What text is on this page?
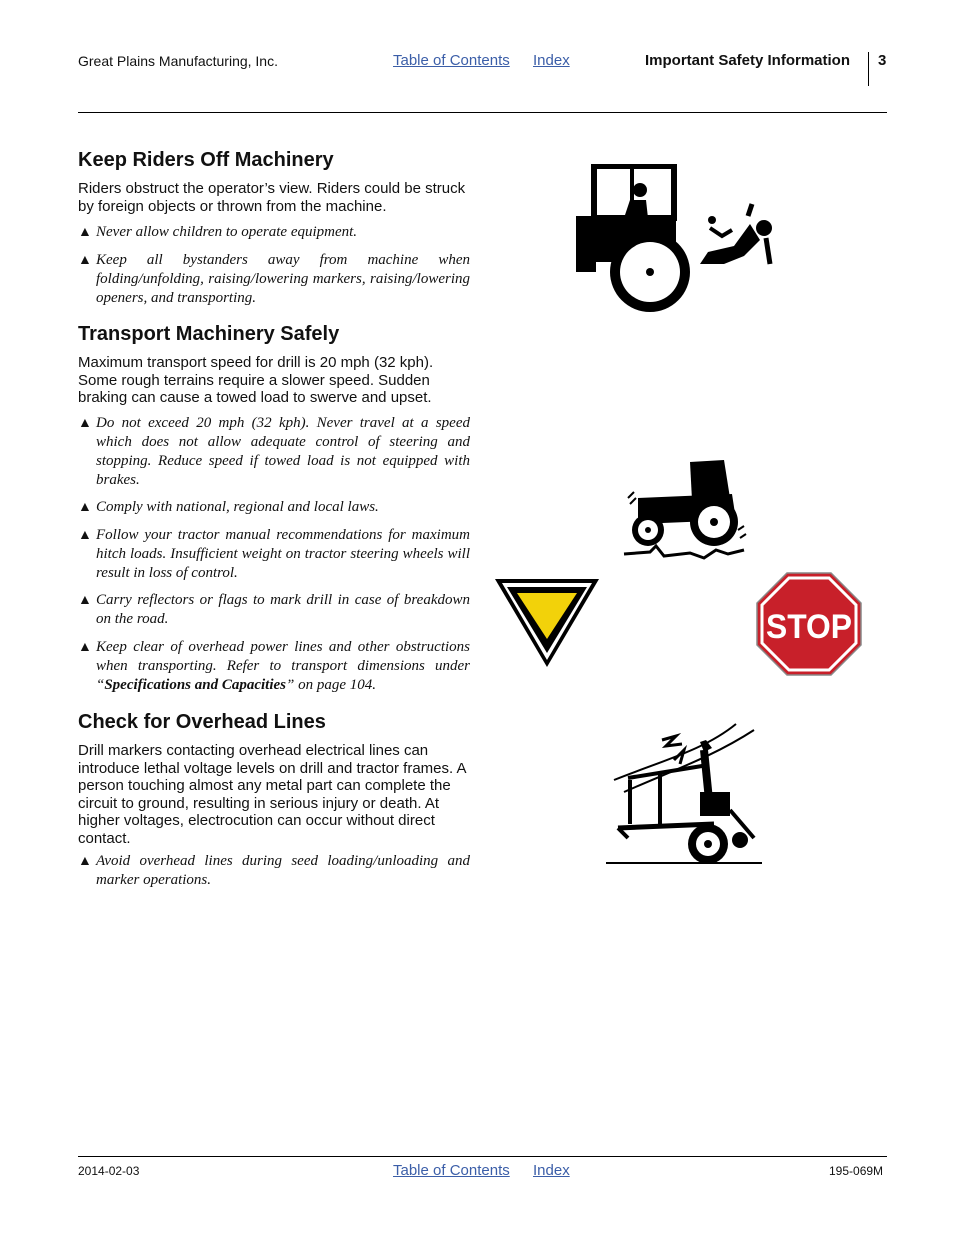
Great Plains Manufacturing, Inc.	Table of Contents Index	Important Safety Information 3
Keep Riders Off Machinery
Riders obstruct the operator’s view. Riders could be struck by foreign objects or thrown from the machine.
▲ Never allow children to operate equipment.
▲ Keep all bystanders away from machine when folding/unfolding, raising/lowering markers, raising/lowering openers, and transporting.
Transport Machinery Safely
Maximum transport speed for drill is 20 mph (32 kph). Some rough terrains require a slower speed. Sudden braking can cause a towed load to swerve and upset.
▲ Do not exceed 20 mph (32 kph). Never travel at a speed which does not allow adequate control of steering and stopping. Reduce speed if towed load is not equipped with brakes.
▲ Comply with national, regional and local laws.
▲ Follow your tractor manual recommendations for maximum hitch loads. Insufficient weight on tractor steering wheels will result in loss of control.
▲ Carry reflectors or flags to mark drill in case of breakdown on the road.
▲ Keep clear of overhead power lines and other obstructions when transporting. Refer to transport dimensions under “Specifications and Capacities” on page 104.
Check for Overhead Lines
Drill markers contacting overhead electrical lines can introduce lethal voltage levels on drill and tractor frames. A person touching almost any metal part can complete the circuit to ground, resulting in serious injury or death. At higher voltages, electrocution can occur without direct contact.
▲ Avoid overhead lines during seed loading/unloading and marker operations.
STOP
2014-02-03	Table of Contents Index	195-069M
